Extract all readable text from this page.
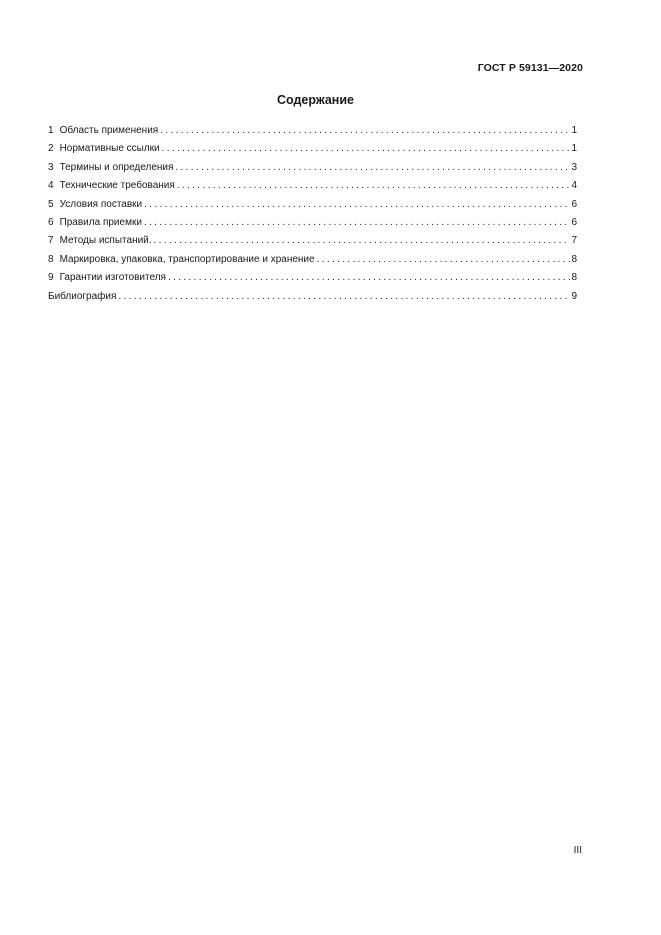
ГОСТ Р 59131—2020
Содержание
1 Область применения .....	1
2 Нормативные ссылки .....	1
3 Термины и определения .....	3
4 Технические требования .....	4
5 Условия поставки .....	6
6 Правила приемки .....	6
7 Методы испытаний. .....	7
8 Маркировка, упаковка, транспортирование и хранение .....	8
9 Гарантии изготовителя .....	8
Библиография .....	9
III
